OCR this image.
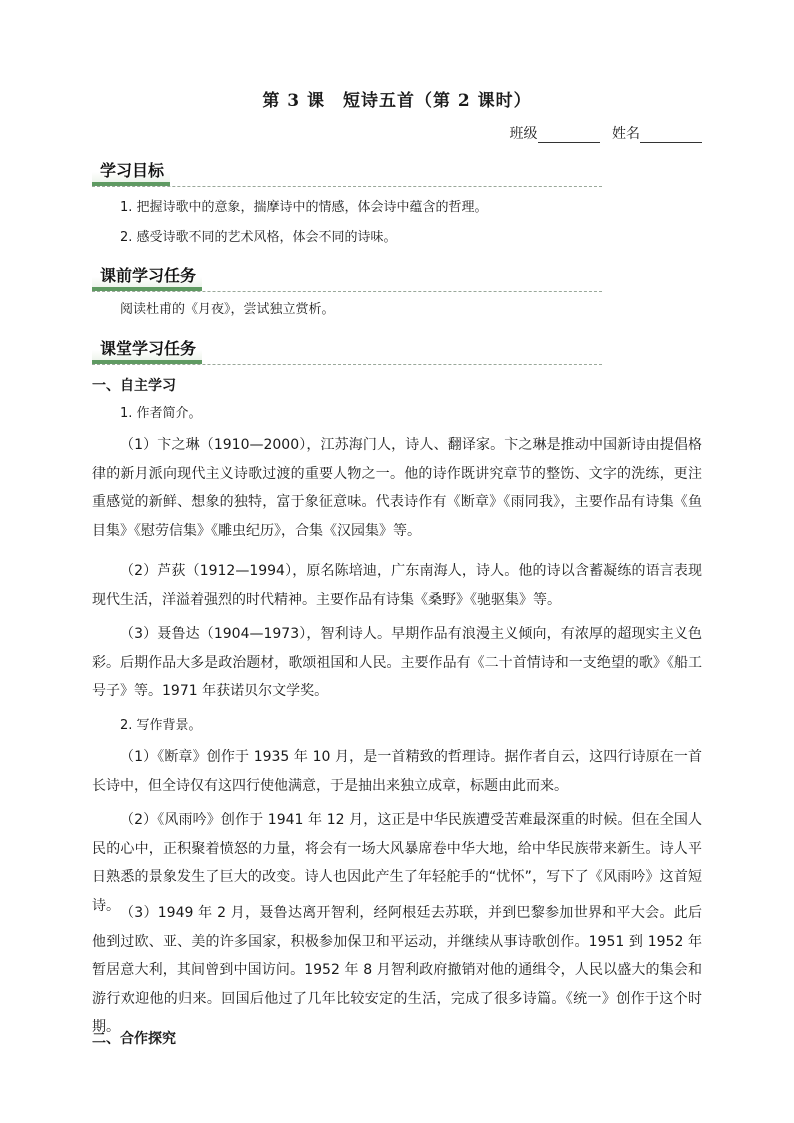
第 3 课　短诗五首（第 2 课时）
班级	姓名
学习目标
1. 把握诗歌中的意象，揣摩诗中的情感，体会诗中蕴含的哲理。
2. 感受诗歌不同的艺术风格，体会不同的诗味。
课前学习任务
阅读杜甫的《月夜》，尝试独立赏析。
课堂学习任务
一、自主学习
1. 作者简介。
（1）卞之琳（1910—2000），江苏海门人，诗人、翻译家。卞之琳是推动中国新诗由提倡格律的新月派向现代主义诗歌过渡的重要人物之一。他的诗作既讲究章节的整饬、文字的洗练，更注重感觉的新鲜、想象的独特，富于象征意味。代表诗作有《断章》《雨同我》，主要作品有诗集《鱼目集》《慰劳信集》《雕虫纪历》，合集《汉园集》等。
（2）芦荻（1912—1994），原名陈培迪，广东南海人，诗人。他的诗以含蓄凝练的语言表现现代生活，洋溢着强烈的时代精神。主要作品有诗集《桑野》《驰驱集》等。
（3）聂鲁达（1904—1973），智利诗人。早期作品有浪漫主义倾向，有浓厚的超现实主义色彩。后期作品大多是政治题材，歌颂祖国和人民。主要作品有《二十首情诗和一支绝望的歌》《船工号子》等。1971 年获诺贝尔文学奖。
2. 写作背景。
（1）《断章》创作于 1935 年 10 月，是一首精致的哲理诗。据作者自云，这四行诗原在一首长诗中，但全诗仅有这四行使他满意，于是抽出来独立成章，标题由此而来。
（2）《风雨吟》创作于 1941 年 12 月，这正是中华民族遭受苦难最深重的时候。但在全国人民的心中，正积聚着愤怒的力量，将会有一场大风暴席卷中华大地，给中华民族带来新生。诗人平日熟悉的景象发生了巨大的改变。诗人也因此产生了年轻舵手的“忧怀”，写下了《风雨吟》这首短诗。 （3）1949 年 2 月，聂鲁达离开智利，经阿根廷去苏联，并到巴黎参加世界和平大会。此后他到过欧、亚、美的许多国家，积极参加保卫和平运动，并继续从事诗歌创作。1951 到 1952 年暂居意大利，其间曾到中国访问。1952 年 8 月智利政府撤销对他的通缉令，人民以盛大的集会和游行欢迎他的归来。回国后他过了几年比较安定的生活，完成了很多诗篇。《统一》创作于这个时期。
二、合作探究
